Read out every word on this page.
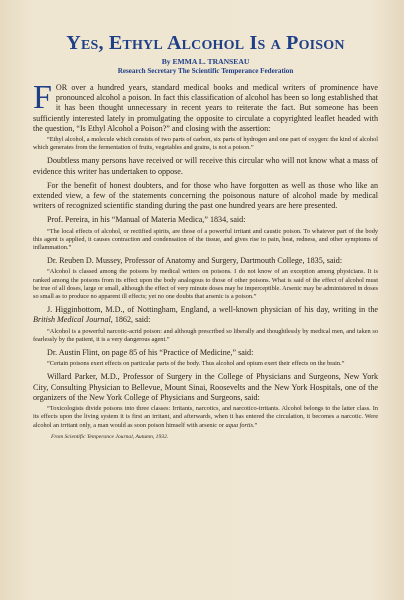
Yes, Ethyl Alcohol Is a Poison
By EMMA L. TRANSEAU
Research Secretary The Scientific Temperance Federation

FOR over a hundred years, standard medical books and medical writers of prominence have pronounced alcohol a poison. In fact this classification of alcohol has been so long established that it has been thought unnecessary in recent years to reiterate the fact. But someone has been sufficiently interested lately in promulgating the opposite to circulate a copyrighted leaflet headed with the question, “Is Ethyl Alcohol a Poison?” and closing with the assertion:

“Ethyl alcohol, a molecule which consists of two parts of carbon, six parts of hydrogen and one part of oxygen: the kind of alcohol which generates from the fermentation of fruits, vegetables and grains, is not a poison.”

Doubtless many persons have received or will receive this circular who will not know what a mass of evidence this writer has undertaken to oppose.

For the benefit of honest doubters, and for those who have forgotten as well as those who like an extended view, a few of the statements concerning the poisonous nature of alcohol made by medical writers of recognized scientific standing during the past one hundred years are here presented.

Prof. Pereira, in his “Manual of Materia Medica,” 1834, said:

“The local effects of alcohol, or rectified spirits, are those of a powerful irritant and caustic poison. To whatever part of the body this agent is applied, it causes contraction and condensation of the tissue, and gives rise to pain, heat, redness, and other symptoms of inflammation.”

Dr. Reuben D. Mussey, Professor of Anatomy and Surgery, Dartmouth College, 1835, said:

“Alcohol is classed among the poisons by medical writers on poisons. I do not know of an exception among physicians. It is ranked among the poisons from its effect upon the body analogous to those of other poisons. What is said of the effect of alcohol must be true of all doses, large or small, although the effect of very minute doses may be imperceptible. Arsenic may be administered in doses so small as to produce no apparent ill effects; yet no one doubts that arsenic is a poison.”

J. Higginbottom, M.D., of Nottingham, England, a well-known physician of his day, writing in the British Medical Journal, 1862, said:

“Alcohol is a powerful narcotic-acrid poison: and although prescribed so liberally and thoughtlessly by medical men, and taken so fearlessly by the patient, it is a very dangerous agent.”

Dr. Austin Flint, on page 85 of his “Practice of Medicine,” said:

“Certain poisons exert effects on particular parts of the body. Thus alcohol and opium exert their effects on the brain.”

Willard Parker, M.D., Professor of Surgery in the College of Physicians and Surgeons, New York City, Consulting Physician to Bellevue, Mount Sinai, Roosevelts and the New York Hospitals, one of the organizers of the New York College of Physicians and Surgeons, said:

“Toxicologists divide poisons into three classes: Irritants, narcotics, and narcotico-irritants. Alcohol belongs to the latter class. In its effects upon the living system it is first an irritant, and afterwards, when it has entered the circulation, it becomes a narcotic. Were alcohol an irritant only, a man would as soon poison himself with arsenic or aqua fortis.”

From Scientific Temperance Journal, Autumn, 1932.
